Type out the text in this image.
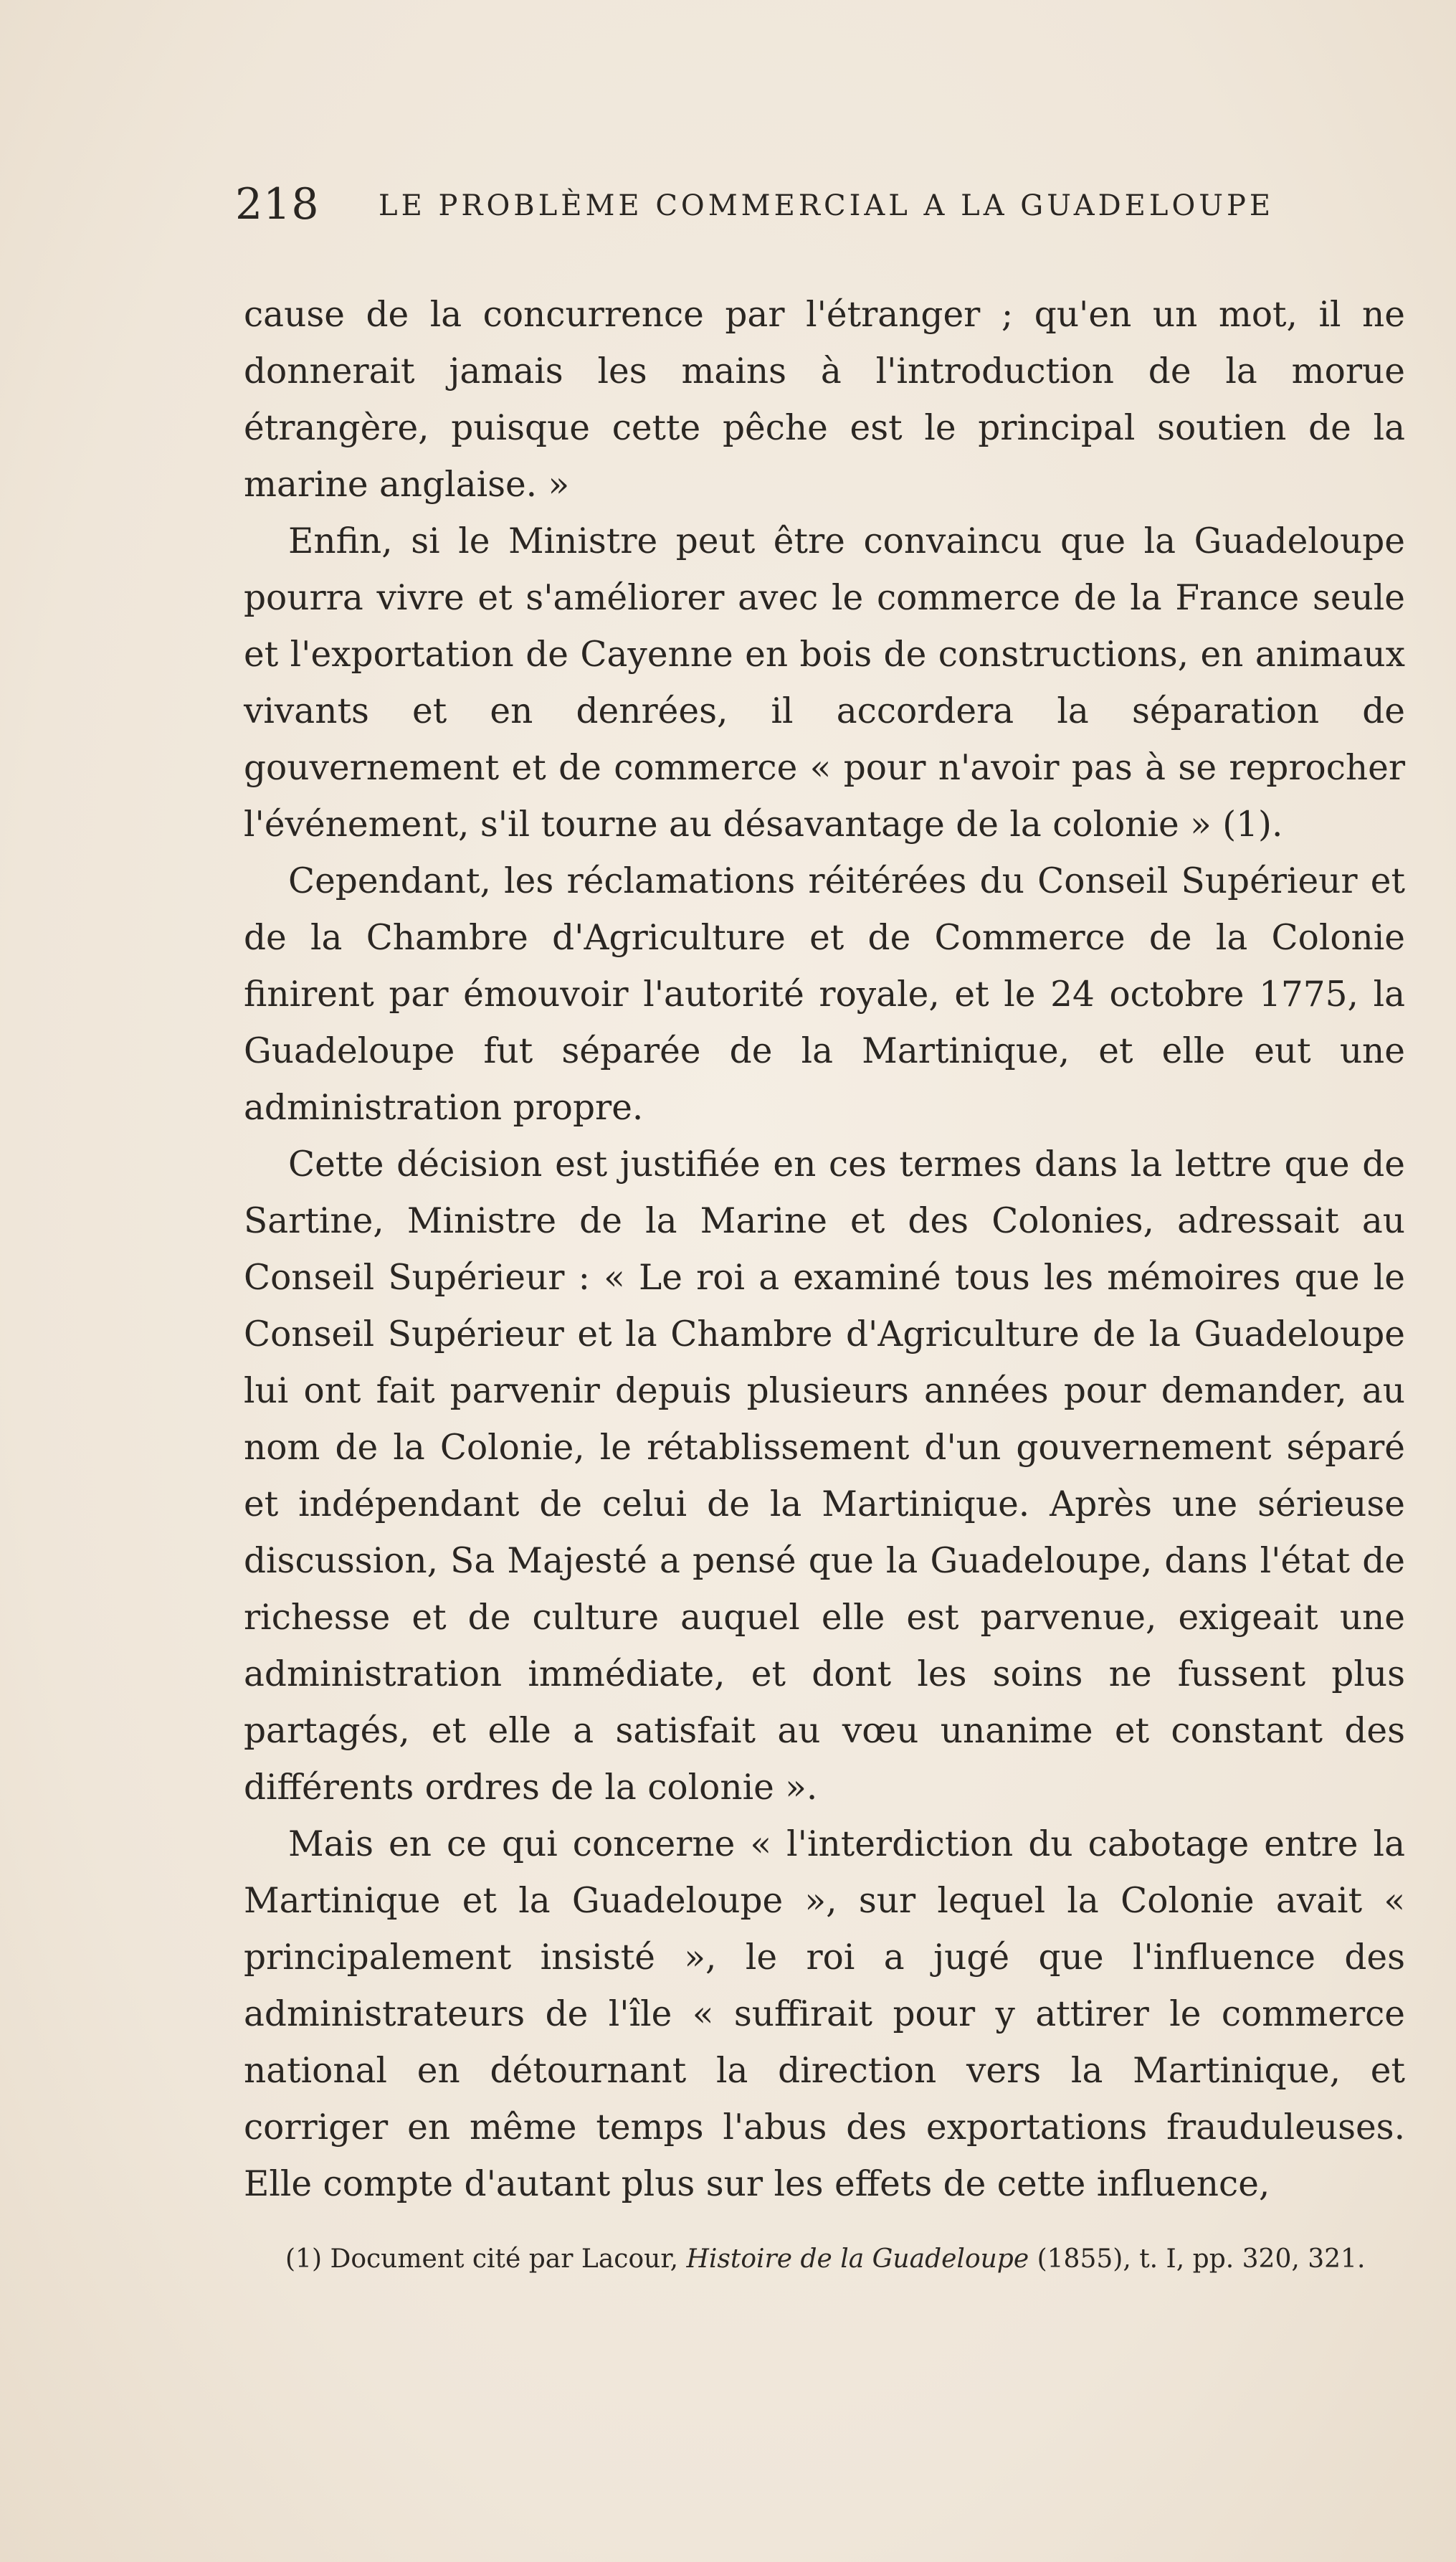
218 LE PROBLÈME COMMERCIAL A LA GUADELOUPE

cause de la concurrence par l'étranger ; qu'en un mot, il ne donnerait jamais les mains à l'introduction de la morue étrangère, puisque cette pêche est le principal soutien de la marine anglaise. »

Enfin, si le Ministre peut être convaincu que la Guadeloupe pourra vivre et s'améliorer avec le commerce de la France seule et l'exportation de Cayenne en bois de constructions, en animaux vivants et en denrées, il accordera la séparation de gouvernement et de commerce « pour n'avoir pas à se reprocher l'événement, s'il tourne au désavantage de la colonie » (1).

Cependant, les réclamations réitérées du Conseil Supérieur et de la Chambre d'Agriculture et de Commerce de la Colonie finirent par émouvoir l'autorité royale, et le 24 octobre 1775, la Guadeloupe fut séparée de la Martinique, et elle eut une administration propre.

Cette décision est justifiée en ces termes dans la lettre que de Sartine, Ministre de la Marine et des Colonies, adressait au Conseil Supérieur : « Le roi a examiné tous les mémoires que le Conseil Supérieur et la Chambre d'Agriculture de la Guadeloupe lui ont fait parvenir depuis plusieurs années pour demander, au nom de la Colonie, le rétablissement d'un gouvernement séparé et indépendant de celui de la Martinique. Après une sérieuse discussion, Sa Majesté a pensé que la Guadeloupe, dans l'état de richesse et de culture auquel elle est parvenue, exigeait une administration immédiate, et dont les soins ne fussent plus partagés, et elle a satisfait au vœu unanime et constant des différents ordres de la colonie ».

Mais en ce qui concerne « l'interdiction du cabotage entre la Martinique et la Guadeloupe », sur lequel la Colonie avait « principalement insisté », le roi a jugé que l'influence des administrateurs de l'île « suffirait pour y attirer le commerce national en détournant la direction vers la Martinique, et corriger en même temps l'abus des exportations frauduleuses. Elle compte d'autant plus sur les effets de cette influence,

(1) Document cité par Lacour, Histoire de la Guadeloupe (1855), t. I, pp. 320, 321.
